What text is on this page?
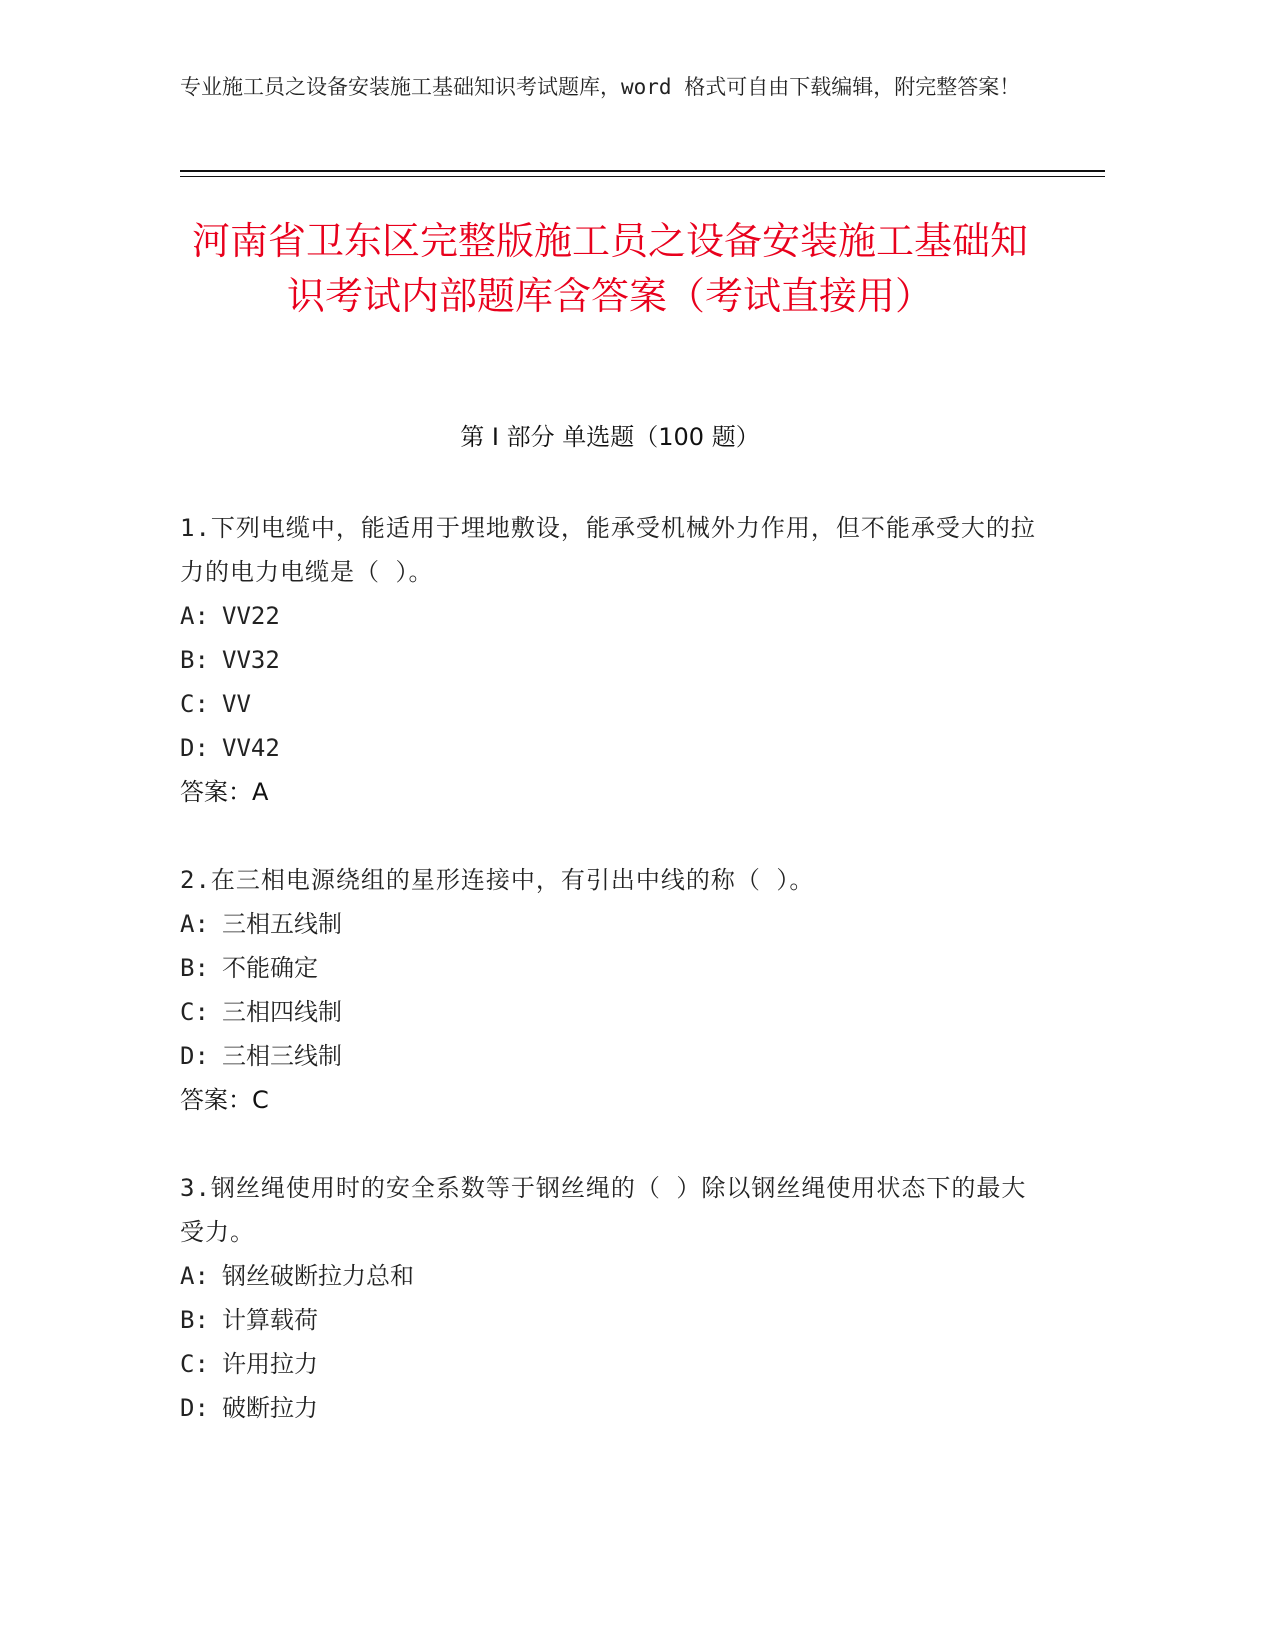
专业施工员之设备安装施工基础知识考试题库，word 格式可自由下载编辑，附完整答案！
河南省卫东区完整版施工员之设备安装施工基础知识考试内部题库含答案（考试直接用）
第 I 部分 单选题（100 题）

1.下列电缆中，能适用于埋地敷设，能承受机械外力作用，但不能承受大的拉力的电力电缆是（ ）。

A: VV22

B: VV32

C: VV

D: VV42

答案：A

2.在三相电源绕组的星形连接中，有引出中线的称（ ）。

A: 三相五线制

B: 不能确定

C: 三相四线制

D: 三相三线制

答案：C

3.钢丝绳使用时的安全系数等于钢丝绳的（ ）除以钢丝绳使用状态下的最大受力。

A: 钢丝破断拉力总和

B: 计算载荷

C: 许用拉力

D: 破断拉力
